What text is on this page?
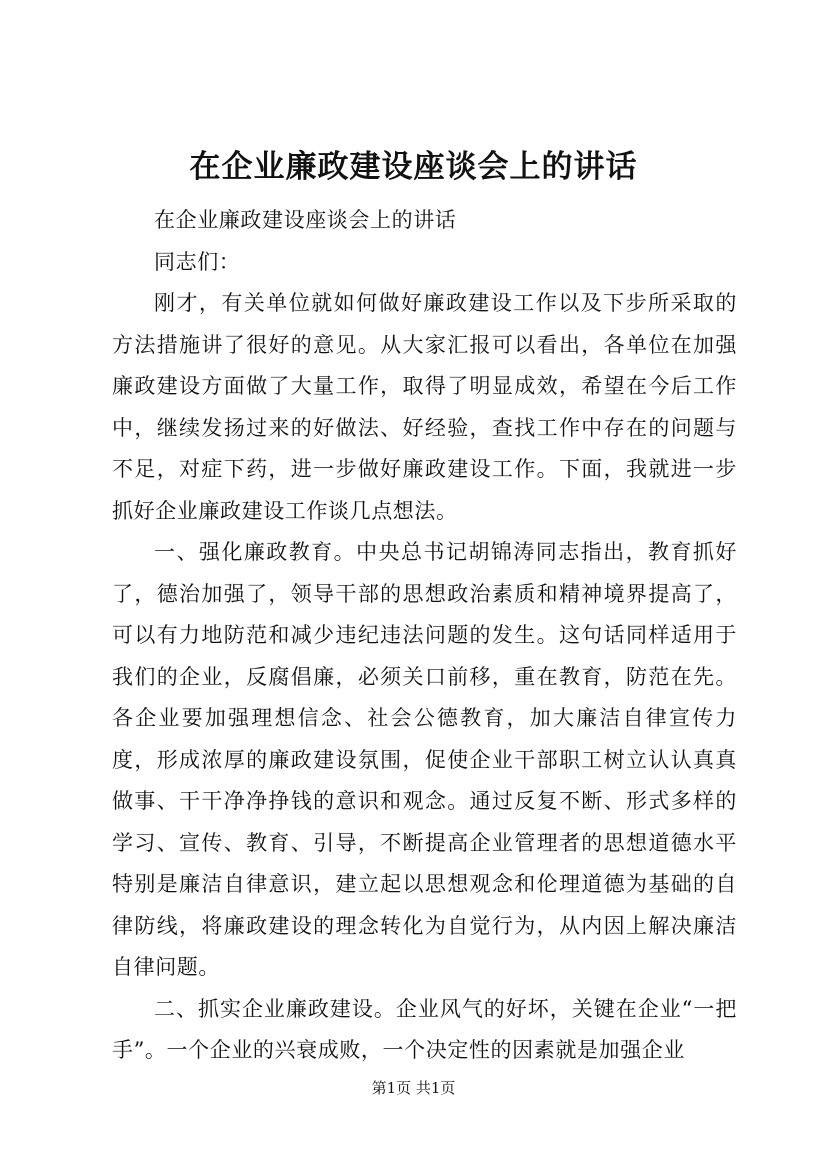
在企业廉政建设座谈会上的讲话

在企业廉政建设座谈会上的讲话

同志们：

刚才，有关单位就如何做好廉政建设工作以及下步所采取的方法措施讲了很好的意见。从大家汇报可以看出，各单位在加强廉政建设方面做了大量工作，取得了明显成效，希望在今后工作中，继续发扬过来的好做法、好经验，查找工作中存在的问题与不足，对症下药，进一步做好廉政建设工作。下面，我就进一步抓好企业廉政建设工作谈几点想法。

一、强化廉政教育。中央总书记胡锦涛同志指出，教育抓好了，德治加强了，领导干部的思想政治素质和精神境界提高了，可以有力地防范和减少违纪违法问题的发生。这句话同样适用于我们的企业，反腐倡廉，必须关口前移，重在教育，防范在先。各企业要加强理想信念、社会公德教育，加大廉洁自律宣传力度，形成浓厚的廉政建设氛围，促使企业干部职工树立认认真真做事、干干净净挣钱的意识和观念。通过反复不断、形式多样的学习、宣传、教育、引导，不断提高企业管理者的思想道德水平特别是廉洁自律意识，建立起以思想观念和伦理道德为基础的自律防线，将廉政建设的理念转化为自觉行为，从内因上解决廉洁自律问题。

二、抓实企业廉政建设。企业风气的好坏，关键在企业“一把手”。一个企业的兴衰成败，一个决定性的因素就是加强企业

第1页 共1页
